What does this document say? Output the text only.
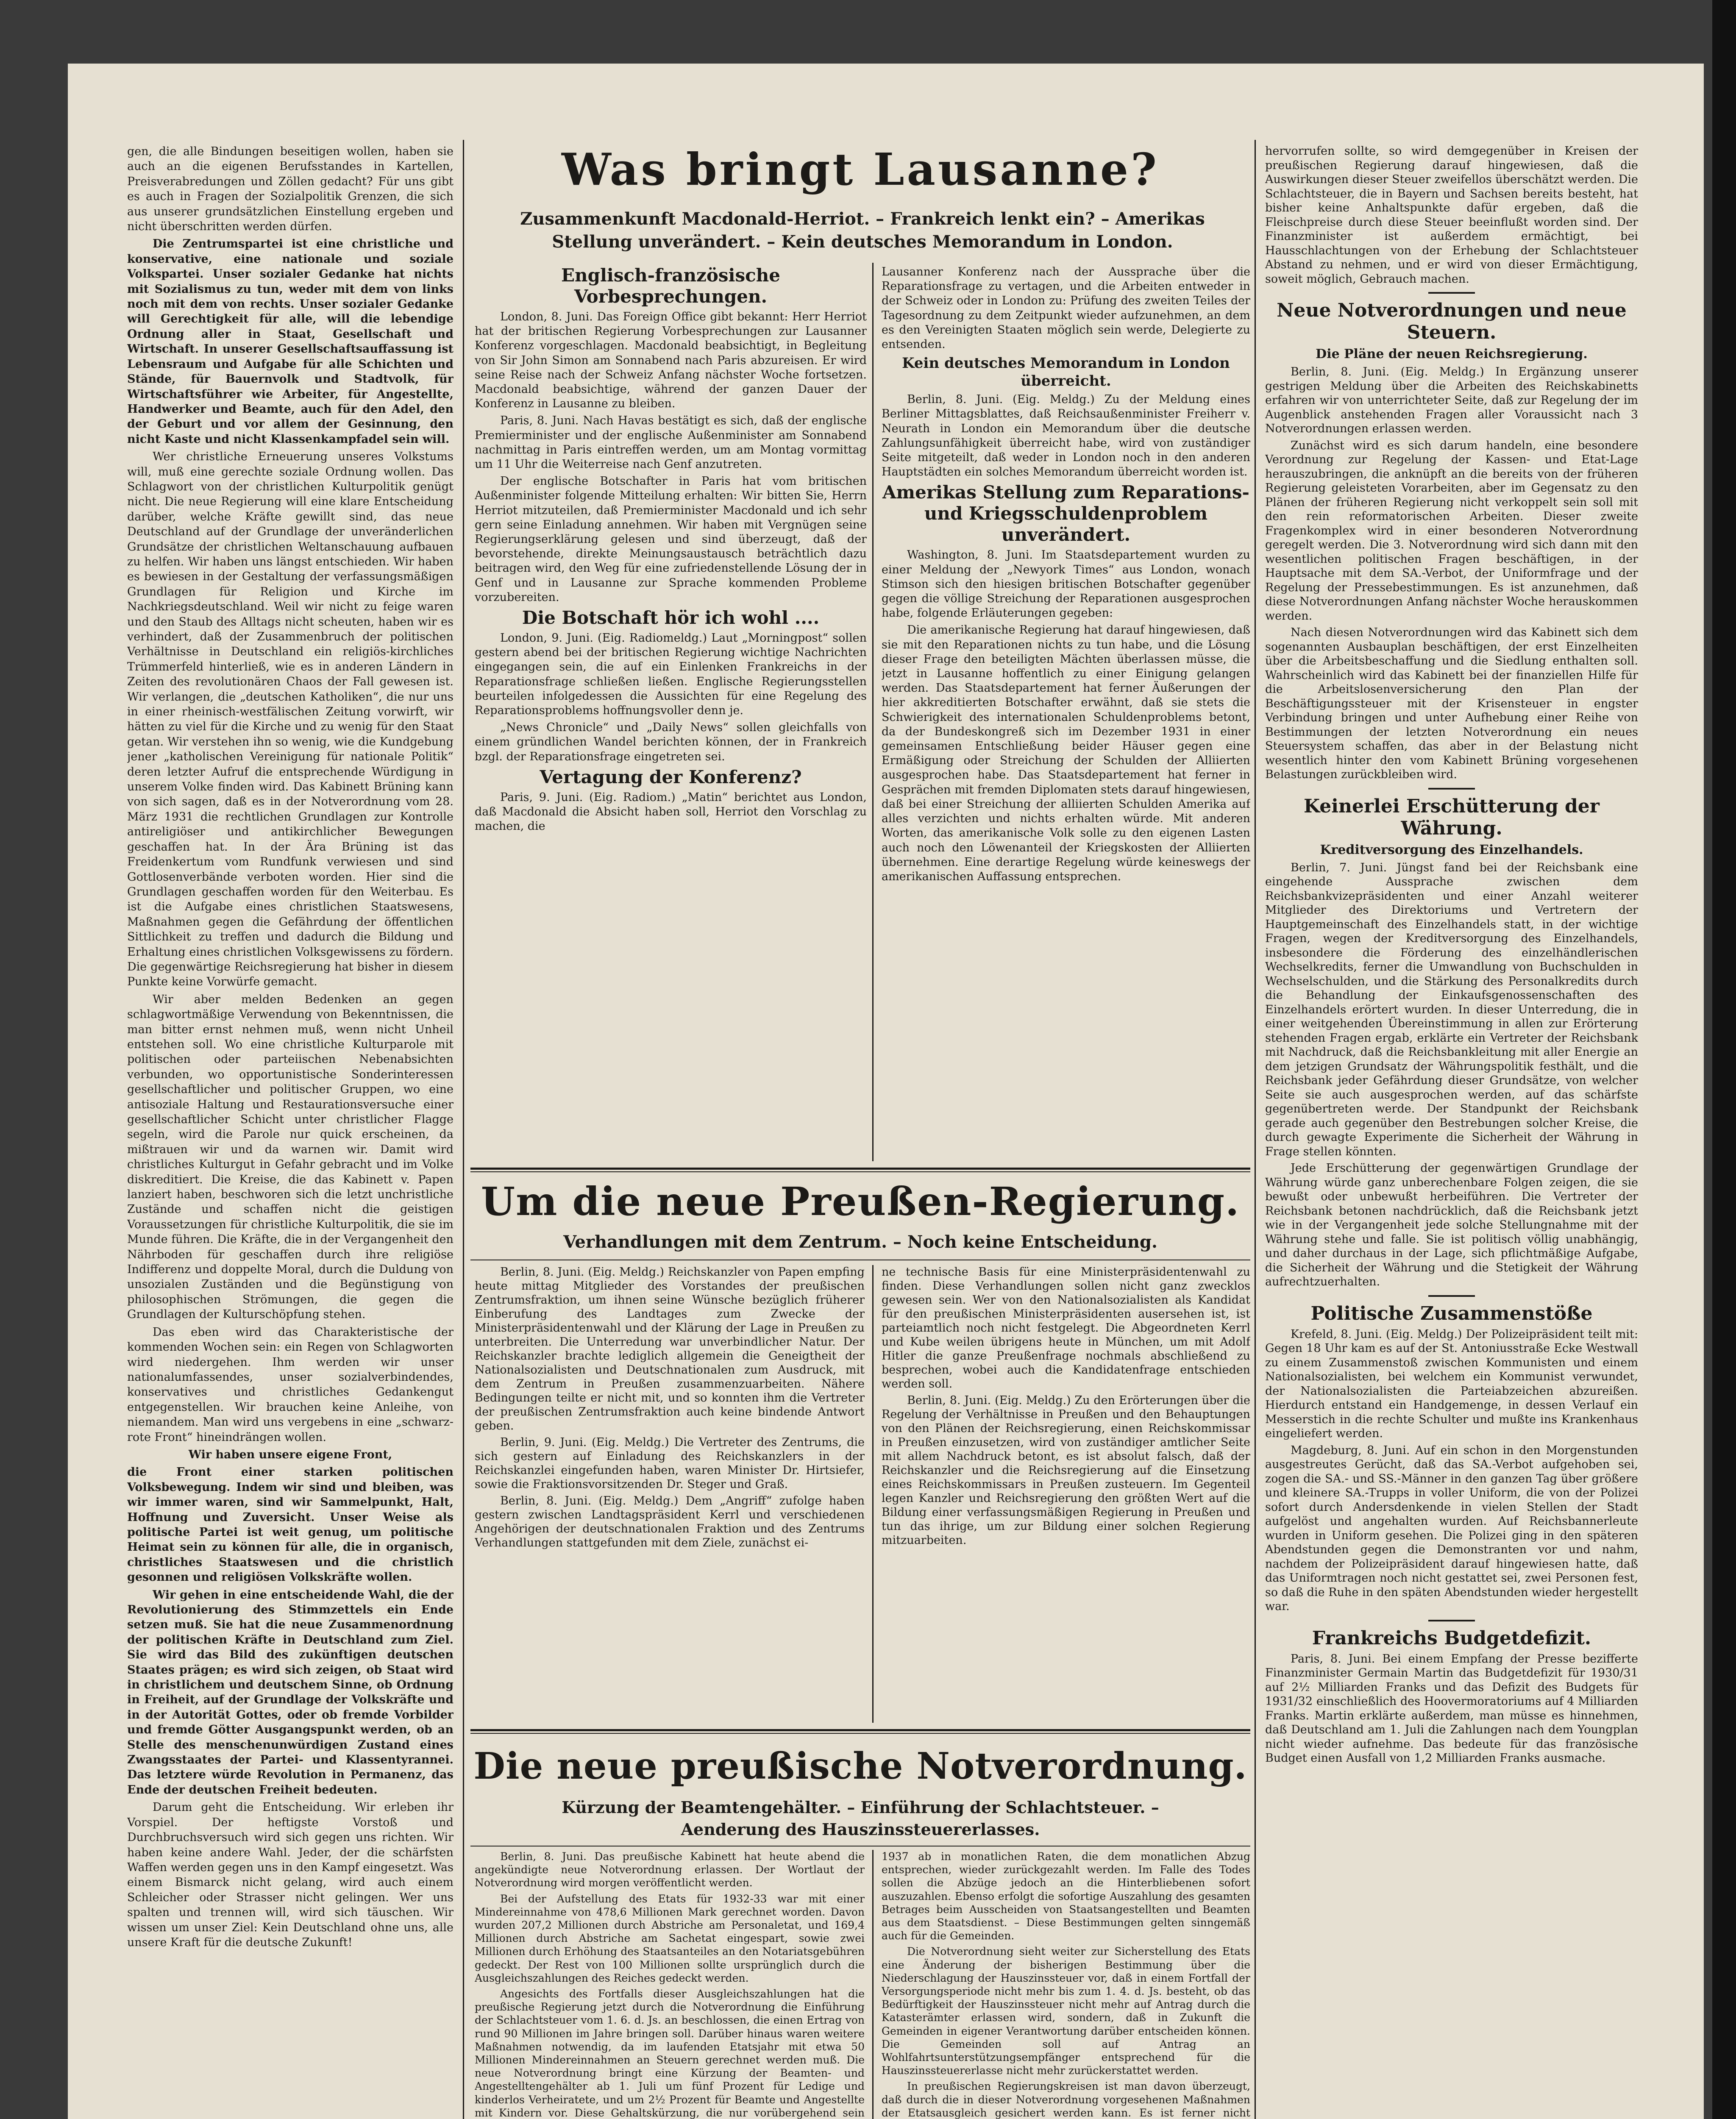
gen, die alle Bindungen beseitigen wollen, haben sie auch an die eigenen Berufsstandes in Kartellen, Preisverabredungen und Zöllen gedacht? Für uns gibt es auch in Fragen der Sozialpolitik Grenzen, die sich aus unserer grundsätzlichen Einstellung ergeben und nicht überschritten werden dürfen.

Die Zentrumspartei ist eine christliche und konservative, eine nationale und soziale Volkspartei. Unser sozialer Gedanke hat nichts mit Sozialismus zu tun, weder mit dem von links noch mit dem von rechts. Unser sozialer Gedanke will Gerechtigkeit für alle, will die lebendige Ordnung aller in Staat, Gesellschaft und Wirtschaft. In unserer Gesellschaftsauffassung ist Lebensraum und Aufgabe für alle Schichten und Stände, für Bauernvolk und Stadtvolk, für Wirtschaftsführer wie Arbeiter, für Angestellte, Handwerker und Beamte, auch für den Adel, den der Geburt und vor allem der Gesinnung, den nicht Kaste und nicht Klassenkampfadel sein will.

Wer christliche Erneuerung unseres Volkstums will, muß eine gerechte soziale Ordnung wollen. Das Schlagwort von der christlichen Kulturpolitik genügt nicht. Die neue Regierung will eine klare Entscheidung darüber, welche Kräfte gewillt sind, das neue Deutschland auf der Grundlage der unveränderlichen Grundsätze der christlichen Weltanschauung aufbauen zu helfen. Wir haben uns längst entschieden. Wir haben es bewiesen in der Gestaltung der verfassungsmäßigen Grundlagen für Religion und Kirche im Nachkriegsdeutschland. Weil wir nicht zu feige waren und den Staub des Alltags nicht scheuten, haben wir es verhindert, daß der Zusammenbruch der politischen Verhältnisse in Deutschland ein religiös-kirchliches Trümmerfeld hinterließ, wie es in anderen Ländern in Zeiten des revolutionären Chaos der Fall gewesen ist. Wir verlangen, die „deutschen Katholiken“, die nur uns in einer rheinisch-westfälischen Zeitung vorwirft, wir hätten zu viel für die Kirche und zu wenig für den Staat getan. Wir verstehen ihn so wenig, wie die Kundgebung jener „katholischen Vereinigung für nationale Politik“ deren letzter Aufruf die entsprechende Würdigung in unserem Volke finden wird. Das Kabinett Brüning kann von sich sagen, daß es in der Notverordnung vom 28. März 1931 die rechtlichen Grundlagen zur Kontrolle antireligiöser und antikirchlicher Bewegungen geschaffen hat. In der Ära Brüning ist das Freidenkertum vom Rundfunk verwiesen und sind Gottlosenverbände verboten worden. Hier sind die Grundlagen geschaffen worden für den Weiterbau. Es ist die Aufgabe eines christlichen Staatswesens, Maßnahmen gegen die Gefährdung der öffentlichen Sittlichkeit zu treffen und dadurch die Bildung und Erhaltung eines christlichen Volksgewissens zu fördern. Die gegenwärtige Reichsregierung hat bisher in diesem Punkte keine Vorwürfe gemacht.

Wir aber melden Bedenken an gegen schlagwortmäßige Verwendung von Bekenntnissen, die man bitter ernst nehmen muß, wenn nicht Unheil entstehen soll. Wo eine christliche Kulturparole mit politischen oder parteiischen Nebenabsichten verbunden, wo opportunistische Sonderinteressen gesellschaftlicher und politischer Gruppen, wo eine antisoziale Haltung und Restaurationsversuche einer gesellschaftlicher Schicht unter christlicher Flagge segeln, wird die Parole nur quick erscheinen, da mißtrauen wir und da warnen wir. Damit wird christliches Kulturgut in Gefahr gebracht und im Volke diskreditiert. Die Kreise, die das Kabinett v. Papen lanziert haben, beschworen sich die letzt unchristliche Zustände und schaffen nicht die geistigen Voraussetzungen für christliche Kulturpolitik, die sie im Munde führen. Die Kräfte, die in der Vergangenheit den Nährboden für geschaffen durch ihre religiöse Indifferenz und doppelte Moral, durch die Duldung von unsozialen Zuständen und die Begünstigung von philosophischen Strömungen, die gegen die Grundlagen der Kulturschöpfung stehen.

Das eben wird das Charakteristische der kommenden Wochen sein: ein Regen von Schlagworten wird niedergehen. Ihm werden wir unser nationalumfassendes, unser sozialverbindendes, konservatives und christliches Gedankengut entgegenstellen. Wir brauchen keine Anleihe, von niemandem. Man wird uns vergebens in eine „schwarz-rote Front“ hineindrängen wollen.

Wir haben unsere eigene Front,

die Front einer starken politischen Volksbewegung. Indem wir sind und bleiben, was wir immer waren, sind wir Sammelpunkt, Halt, Hoffnung und Zuversicht. Unser Weise als politische Partei ist weit genug, um politische Heimat sein zu können für alle, die in organisch, christliches Staatswesen und die christlich gesonnen und religiösen Volkskräfte wollen.

Wir gehen in eine entscheidende Wahl, die der Revolutionierung des Stimmzettels ein Ende setzen muß. Sie hat die neue Zusammenordnung der politischen Kräfte in Deutschland zum Ziel. Sie wird das Bild des zukünftigen deutschen Staates prägen; es wird sich zeigen, ob Staat wird in christlichem und deutschem Sinne, ob Ordnung in Freiheit, auf der Grundlage der Volkskräfte und in der Autorität Gottes, oder ob fremde Vorbilder und fremde Götter Ausgangspunkt werden, ob an Stelle des menschenunwürdigen Zustand eines Zwangsstaates der Partei- und Klassentyrannei. Das letztere würde Revolution in Permanenz, das Ende der deutschen Freiheit bedeuten.

Darum geht die Entscheidung. Wir erleben ihr Vorspiel. Der heftigste Vorstoß und Durchbruchsversuch wird sich gegen uns richten. Wir haben keine andere Wahl. Jeder, der die schärfsten Waffen werden gegen uns in den Kampf eingesetzt. Was einem Bismarck nicht gelang, wird auch einem Schleicher oder Strasser nicht gelingen. Wer uns spalten und trennen will, wird sich täuschen. Wir wissen um unser Ziel: Kein Deutschland ohne uns, alle unsere Kraft für die deutsche Zukunft!

Was bringt Lausanne?
Zusammenkunft Macdonald-Herriot. – Frankreich lenkt ein? – Amerikas Stellung unverändert. – Kein deutsches Memorandum in London.

Englisch-französische Vorbesprechungen.

London, 8. Juni. Das Foreign Office gibt bekannt: Herr Herriot hat der britischen Regierung Vorbesprechungen zur Lausanner Konferenz vorgeschlagen. Macdonald beabsichtigt, in Begleitung von Sir John Simon am Sonnabend nach Paris abzureisen. Er wird seine Reise nach der Schweiz Anfang nächster Woche fortsetzen. Macdonald beabsichtige, während der ganzen Dauer der Konferenz in Lausanne zu bleiben.

Paris, 8. Juni. Nach Havas bestätigt es sich, daß der englische Premierminister und der englische Außenminister am Sonnabend nachmittag in Paris eintreffen werden, um am Montag vormittag um 11 Uhr die Weiterreise nach Genf anzutreten.

Der englische Botschafter in Paris hat vom britischen Außenminister folgende Mitteilung erhalten: Wir bitten Sie, Herrn Herriot mitzuteilen, daß Premierminister Macdonald und ich sehr gern seine Einladung annehmen. Wir haben mit Vergnügen seine Regierungserklärung gelesen und sind überzeugt, daß der bevorstehende, direkte Meinungsaustausch beträchtlich dazu beitragen wird, den Weg für eine zufriedenstellende Lösung der in Genf und in Lausanne zur Sprache kommenden Probleme vorzubereiten.

Die Botschaft hör ich wohl ....

London, 9. Juni. (Eig. Radiomeldg.) Laut „Morningpost“ sollen gestern abend bei der britischen Regierung wichtige Nachrichten eingegangen sein, die auf ein Einlenken Frankreichs in der Reparationsfrage schließen ließen. Englische Regierungsstellen beurteilen infolgedessen die Aussichten für eine Regelung des Reparationsproblems hoffnungsvoller denn je.

„News Chronicle“ und „Daily News“ sollen gleichfalls von einem gründlichen Wandel berichten können, der in Frankreich bzgl. der Reparationsfrage eingetreten sei.

Vertagung der Konferenz?

Paris, 9. Juni. (Eig. Radiom.) „Matin“ berichtet aus London, daß Macdonald die Absicht haben soll, Herriot den Vorschlag zu machen, die

Lausanner Konferenz nach der Aussprache über die Reparationsfrage zu vertagen, und die Arbeiten entweder in der Schweiz oder in London zu: Prüfung des zweiten Teiles der Tagesordnung zu dem Zeitpunkt wieder aufzunehmen, an dem es den Vereinigten Staaten möglich sein werde, Delegierte zu entsenden.

Kein deutsches Memorandum in London überreicht.

Berlin, 8. Juni. (Eig. Meldg.) Zu der Meldung eines Berliner Mittagsblattes, daß Reichsaußenminister Freiherr v. Neurath in London ein Memorandum über die deutsche Zahlungsunfähigkeit überreicht habe, wird von zuständiger Seite mitgeteilt, daß weder in London noch in den anderen Hauptstädten ein solches Memorandum überreicht worden ist.

Amerikas Stellung zum Reparations- und Kriegsschuldenproblem unverändert.

Washington, 8. Juni. Im Staatsdepartement wurden zu einer Meldung der „Newyork Times“ aus London, wonach Stimson sich den hiesigen britischen Botschafter gegenüber gegen die völlige Streichung der Reparationen ausgesprochen habe, folgende Erläuterungen gegeben:

Die amerikanische Regierung hat darauf hingewiesen, daß sie mit den Reparationen nichts zu tun habe, und die Lösung dieser Frage den beteiligten Mächten überlassen müsse, die jetzt in Lausanne hoffentlich zu einer Einigung gelangen werden. Das Staatsdepartement hat ferner Äußerungen der hier akkreditierten Botschafter erwähnt, daß sie stets die Schwierigkeit des internationalen Schuldenproblems betont, da der Bundeskongreß sich im Dezember 1931 in einer gemeinsamen Entschließung beider Häuser gegen eine Ermäßigung oder Streichung der Schulden der Alliierten ausgesprochen habe. Das Staatsdepartement hat ferner in Gesprächen mit fremden Diplomaten stets darauf hingewiesen, daß bei einer Streichung der alliierten Schulden Amerika auf alles verzichten und nichts erhalten würde. Mit anderen Worten, das amerikanische Volk solle zu den eigenen Lasten auch noch den Löwenanteil der Kriegskosten der Alliierten übernehmen. Eine derartige Regelung würde keineswegs der amerikanischen Auffassung entsprechen.

Um die neue Preußen-Regierung.
Verhandlungen mit dem Zentrum. – Noch keine Entscheidung.

Berlin, 8. Juni. (Eig. Meldg.) Reichskanzler von Papen empfing heute mittag Mitglieder des Vorstandes der preußischen Zentrumsfraktion, um ihnen seine Wünsche bezüglich früherer Einberufung des Landtages zum Zwecke der Ministerpräsidentenwahl und der Klärung der Lage in Preußen zu unterbreiten. Die Unterredung war unverbindlicher Natur. Der Reichskanzler brachte lediglich allgemein die Geneigtheit der Nationalsozialisten und Deutschnationalen zum Ausdruck, mit dem Zentrum in Preußen zusammenzuarbeiten. Nähere Bedingungen teilte er nicht mit, und so konnten ihm die Vertreter der preußischen Zentrumsfraktion auch keine bindende Antwort geben.

Berlin, 9. Juni. (Eig. Meldg.) Die Vertreter des Zentrums, die sich gestern auf Einladung des Reichskanzlers in der Reichskanzlei eingefunden haben, waren Minister Dr. Hirtsiefer, sowie die Fraktionsvorsitzenden Dr. Steger und Graß.

Berlin, 8. Juni. (Eig. Meldg.) Dem „Angriff“ zufolge haben gestern zwischen Landtagspräsident Kerrl und verschiedenen Angehörigen der deutschnationalen Fraktion und des Zentrums Verhandlungen stattgefunden mit dem Ziele, zunächst ei-

ne technische Basis für eine Ministerpräsidentenwahl zu finden. Diese Verhandlungen sollen nicht ganz zwecklos gewesen sein. Wer von den Nationalsozialisten als Kandidat für den preußischen Ministerpräsidenten ausersehen ist, ist parteiamtlich noch nicht festgelegt. Die Abgeordneten Kerrl und Kube weilen übrigens heute in München, um mit Adolf Hitler die ganze Preußenfrage nochmals abschließend zu besprechen, wobei auch die Kandidatenfrage entschieden werden soll.

Berlin, 8. Juni. (Eig. Meldg.) Zu den Erörterungen über die Regelung der Verhältnisse in Preußen und den Behauptungen von den Plänen der Reichsregierung, einen Reichskommissar in Preußen einzusetzen, wird von zuständiger amtlicher Seite mit allem Nachdruck betont, es ist absolut falsch, daß der Reichskanzler und die Reichsregierung auf die Einsetzung eines Reichskommissars in Preußen zusteuern. Im Gegenteil legen Kanzler und Reichsregierung den größten Wert auf die Bildung einer verfassungsmäßigen Regierung in Preußen und tun das ihrige, um zur Bildung einer solchen Regierung mitzuarbeiten.

Die neue preußische Notverordnung.
Kürzung der Beamtengehälter. – Einführung der Schlachtsteuer. –
Aenderung des Hauszinssteuererlasses.

Berlin, 8. Juni. Das preußische Kabinett hat heute abend die angekündigte neue Notverordnung erlassen. Der Wortlaut der Notverordnung wird morgen veröffentlicht werden.

Bei der Aufstellung des Etats für 1932-33 war mit einer Mindereinnahme von 478,6 Millionen Mark gerechnet worden. Davon wurden 207,2 Millionen durch Abstriche am Personaletat, und 169,4 Millionen durch Abstriche am Sachetat eingespart, sowie zwei Millionen durch Erhöhung des Staatsanteiles an den Notariatsgebühren gedeckt. Der Rest von 100 Millionen sollte ursprünglich durch die Ausgleichszahlungen des Reiches gedeckt werden.

Angesichts des Fortfalls dieser Ausgleichszahlungen hat die preußische Regierung jetzt durch die Notverordnung die Einführung der Schlachtsteuer vom 1. 6. d. Js. an beschlossen, die einen Ertrag von rund 90 Millionen im Jahre bringen soll. Darüber hinaus waren weitere Maßnahmen notwendig, da im laufenden Etatsjahr mit etwa 50 Millionen Mindereinnahmen an Steuern gerechnet werden muß. Die neue Notverordnung bringt eine Kürzung der Beamten- und Angestelltengehälter ab 1. Juli um fünf Prozent für Ledige und kinderlos Verheiratete, und um 2½ Prozent für Beamte und Angestellte mit Kindern vor. Diese Gehaltskürzung, die nur vorübergehend sein

1937 ab in monatlichen Raten, die dem monatlichen Abzug entsprechen, wieder zurückgezahlt werden. Im Falle des Todes sollen die Abzüge jedoch an die Hinterbliebenen sofort auszuzahlen. Ebenso erfolgt die sofortige Auszahlung des gesamten Betrages beim Ausscheiden von Staatsangestellten und Beamten aus dem Staatsdienst. – Diese Bestimmungen gelten sinngemäß auch für die Gemeinden.

Die Notverordnung sieht weiter zur Sicherstellung des Etats eine Änderung der bisherigen Bestimmung über die Niederschlagung der Hauszinssteuer vor, daß in einem Fortfall der Versorgungsperiode nicht mehr bis zum 1. 4. d. Js. besteht, ob das Bedürftigkeit der Hauszinssteuer nicht mehr auf Antrag durch die Katasterämter erlassen wird, sondern, daß in Zukunft die Gemeinden in eigener Verantwortung darüber entscheiden können. Die Gemeinden soll auf Antrag an Wohlfahrtsunterstützungsempfänger entsprechend für die Hauszinssteuererlasse nicht mehr zurückerstattet werden.

In preußischen Regierungskreisen ist man davon überzeugt, daß durch die in dieser Notverordnung vorgesehenen Maßnahmen der Etatsausgleich gesichert werden kann. Es ist ferner nicht

hervorrufen sollte, so wird demgegenüber in Kreisen der preußischen Regierung darauf hingewiesen, daß die Auswirkungen dieser Steuer zweifellos überschätzt werden. Die Schlachtsteuer, die in Bayern und Sachsen bereits besteht, hat bisher keine Anhaltspunkte dafür ergeben, daß die Fleischpreise durch diese Steuer beeinflußt worden sind. Der Finanzminister ist außerdem ermächtigt, bei Hausschlachtungen von der Erhebung der Schlachtsteuer Abstand zu nehmen, und er wird von dieser Ermächtigung, soweit möglich, Gebrauch machen.

Neue Notverordnungen und neue Steuern.

Die Pläne der neuen Reichsregierung.

Berlin, 8. Juni. (Eig. Meldg.) In Ergänzung unserer gestrigen Meldung über die Arbeiten des Reichskabinetts erfahren wir von unterrichteter Seite, daß zur Regelung der im Augenblick anstehenden Fragen aller Voraussicht nach 3 Notverordnungen erlassen werden.

Zunächst wird es sich darum handeln, eine besondere Verordnung zur Regelung der Kassen- und Etat-Lage herauszubringen, die anknüpft an die bereits von der früheren Regierung geleisteten Vorarbeiten, aber im Gegensatz zu den Plänen der früheren Regierung nicht verkoppelt sein soll mit den rein reformatorischen Arbeiten. Dieser zweite Fragenkomplex wird in einer besonderen Notverordnung geregelt werden. Die 3. Notverordnung wird sich dann mit den wesentlichen politischen Fragen beschäftigen, in der Hauptsache mit dem SA.-Verbot, der Uniformfrage und der Regelung der Pressebestimmungen. Es ist anzunehmen, daß diese Notverordnungen Anfang nächster Woche herauskommen werden.

Nach diesen Notverordnungen wird das Kabinett sich dem sogenannten Ausbauplan beschäftigen, der erst Einzelheiten über die Arbeitsbeschaffung und die Siedlung enthalten soll. Wahrscheinlich wird das Kabinett bei der finanziellen Hilfe für die Arbeitslosenversicherung den Plan der Beschäftigungssteuer mit der Krisensteuer in engster Verbindung bringen und unter Aufhebung einer Reihe von Bestimmungen der letzten Notverordnung ein neues Steuersystem schaffen, das aber in der Belastung nicht wesentlich hinter den vom Kabinett Brüning vorgesehenen Belastungen zurückbleiben wird.

Keinerlei Erschütterung der Währung.

Kreditversorgung des Einzelhandels.

Berlin, 7. Juni. Jüngst fand bei der Reichsbank eine eingehende Aussprache zwischen dem Reichsbankvizepräsidenten und einer Anzahl weiterer Mitglieder des Direktoriums und Vertretern der Hauptgemeinschaft des Einzelhandels statt, in der wichtige Fragen, wegen der Kreditversorgung des Einzelhandels, insbesondere die Förderung des einzelhändlerischen Wechselkredits, ferner die Umwandlung von Buchschulden in Wechselschulden, und die Stärkung des Personalkredits durch die Behandlung der Einkaufsgenossenschaften des Einzelhandels erörtert wurden. In dieser Unterredung, die in einer weitgehenden Übereinstimmung in allen zur Erörterung stehenden Fragen ergab, erklärte ein Vertreter der Reichsbank mit Nachdruck, daß die Reichsbankleitung mit aller Energie an dem jetzigen Grundsatz der Währungspolitik festhält, und die Reichsbank jeder Gefährdung dieser Grundsätze, von welcher Seite sie auch ausgesprochen werden, auf das schärfste gegenübertreten werde. Der Standpunkt der Reichsbank gerade auch gegenüber den Bestrebungen solcher Kreise, die durch gewagte Experimente die Sicherheit der Währung in Frage stellen könnten.

Jede Erschütterung der gegenwärtigen Grundlage der Währung würde ganz unberechenbare Folgen zeigen, die sie bewußt oder unbewußt herbeiführen. Die Vertreter der Reichsbank betonen nachdrücklich, daß die Reichsbank jetzt wie in der Vergangenheit jede solche Stellungnahme mit der Währung stehe und falle. Sie ist politisch völlig unabhängig, und daher durchaus in der Lage, sich pflichtmäßige Aufgabe, die Sicherheit der Währung und die Stetigkeit der Währung aufrechtzuerhalten.

Politische Zusammenstöße

Krefeld, 8. Juni. (Eig. Meldg.) Der Polizeipräsident teilt mit: Gegen 18 Uhr kam es auf der St. Antoniusstraße Ecke Westwall zu einem Zusammenstoß zwischen Kommunisten und einem Nationalsozialisten, bei welchem ein Kommunist verwundet, der Nationalsozialisten die Parteiabzeichen abzureißen. Hierdurch entstand ein Handgemenge, in dessen Verlauf ein Messerstich in die rechte Schulter und mußte ins Krankenhaus eingeliefert werden.

Magdeburg, 8. Juni. Auf ein schon in den Morgenstunden ausgestreutes Gerücht, daß das SA.-Verbot aufgehoben sei, zogen die SA.- und SS.-Männer in den ganzen Tag über größere und kleinere SA.-Trupps in voller Uniform, die von der Polizei sofort durch Andersdenkende in vielen Stellen der Stadt aufgelöst und angehalten wurden. Auf Reichsbannerleute wurden in Uniform gesehen. Die Polizei ging in den späteren Abendstunden gegen die Demonstranten vor und nahm, nachdem der Polizeipräsident darauf hingewiesen hatte, daß das Uniformtragen noch nicht gestattet sei, zwei Personen fest, so daß die Ruhe in den späten Abendstunden wieder hergestellt war.

Frankreichs Budgetdefizit.

Paris, 8. Juni. Bei einem Empfang der Presse bezifferte Finanzminister Germain Martin das Budgetdefizit für 1930/31 auf 2½ Milliarden Franks und das Defizit des Budgets für 1931/32 einschließlich des Hoovermoratoriums auf 4 Milliarden Franks. Martin erklärte außerdem, man müsse es hinnehmen, daß Deutschland am 1. Juli die Zahlungen nach dem Youngplan nicht wieder aufnehme. Das bedeute für das französische Budget einen Ausfall von 1,2 Milliarden Franks ausmache.
